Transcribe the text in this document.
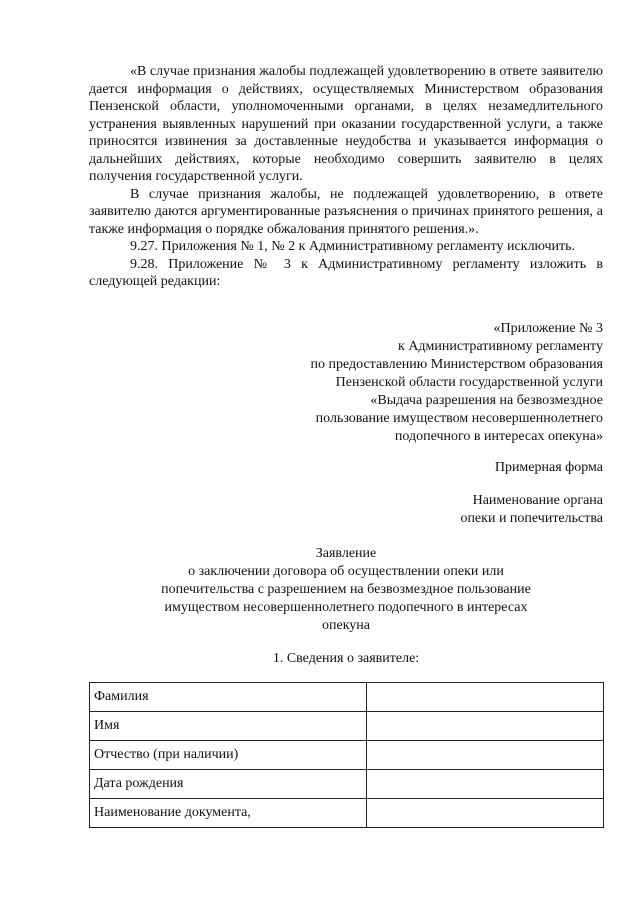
«В случае признания жалобы подлежащей удовлетворению в ответе заявителю дается информация о действиях, осуществляемых Министерством образования Пензенской области, уполномоченными органами, в целях незамедлительного устранения выявленных нарушений при оказании государственной услуги, а также приносятся извинения за доставленные неудобства и указывается информация о дальнейших действиях, которые необходимо совершить заявителю в целях получения государственной услуги.

В случае признания жалобы, не подлежащей удовлетворению, в ответе заявителю даются аргументированные разъяснения о причинах принятого решения, а также информация о порядке обжалования принятого решения.».

9.27. Приложения № 1, № 2 к Административному регламенту исключить.

9.28. Приложение № 3 к Административному регламенту изложить в следующей редакции:

«Приложение № 3
к Административному регламенту
по предоставлению Министерством образования
Пензенской области государственной услуги
«Выдача разрешения на безвозмездное
пользование имуществом несовершеннолетнего
подопечного в интересах опекуна»
Примерная форма
Наименование органа
опеки и попечительства
Заявление
о заключении договора об осуществлении опеки или
попечительства с разрешением на безвозмездное пользование
имуществом несовершеннолетнего подопечного в интересах
опекуна
1. Сведения о заявителе:
Фамилия	
Имя	
Отчество (при наличии)	
Дата рождения	
Наименование документа,	
